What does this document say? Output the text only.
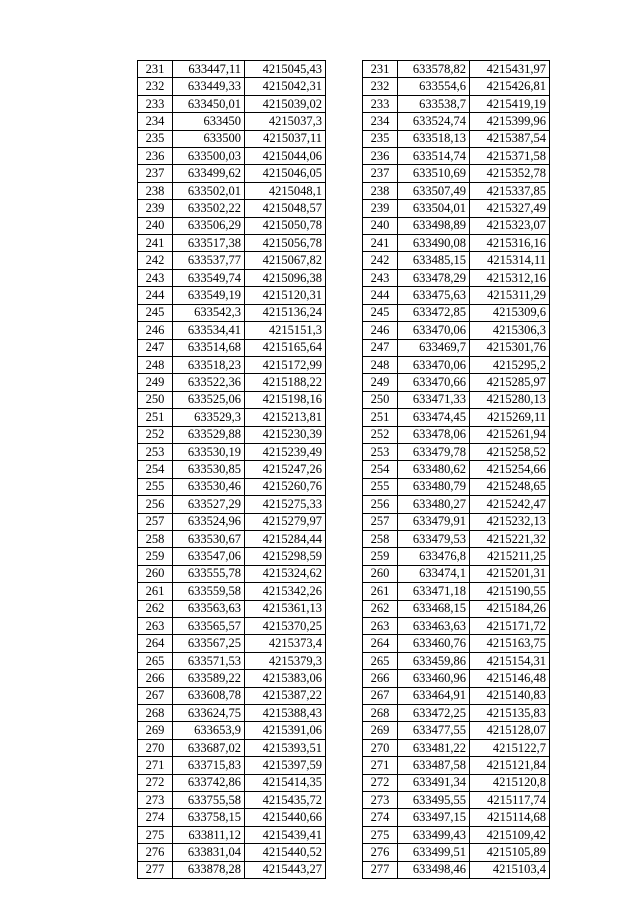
231	633447,11	4215045,43
232	633449,33	4215042,31
233	633450,01	4215039,02
234	633450	4215037,3
235	633500	4215037,11
236	633500,03	4215044,06
237	633499,62	4215046,05
238	633502,01	4215048,1
239	633502,22	4215048,57
240	633506,29	4215050,78
241	633517,38	4215056,78
242	633537,77	4215067,82
243	633549,74	4215096,38
244	633549,19	4215120,31
245	633542,3	4215136,24
246	633534,41	4215151,3
247	633514,68	4215165,64
248	633518,23	4215172,99
249	633522,36	4215188,22
250	633525,06	4215198,16
251	633529,3	4215213,81
252	633529,88	4215230,39
253	633530,19	4215239,49
254	633530,85	4215247,26
255	633530,46	4215260,76
256	633527,29	4215275,33
257	633524,96	4215279,97
258	633530,67	4215284,44
259	633547,06	4215298,59
260	633555,78	4215324,62
261	633559,58	4215342,26
262	633563,63	4215361,13
263	633565,57	4215370,25
264	633567,25	4215373,4
265	633571,53	4215379,3
266	633589,22	4215383,06
267	633608,78	4215387,22
268	633624,75	4215388,43
269	633653,9	4215391,06
270	633687,02	4215393,51
271	633715,83	4215397,59
272	633742,86	4215414,35
273	633755,58	4215435,72
274	633758,15	4215440,66
275	633811,12	4215439,41
276	633831,04	4215440,52
277	633878,28	4215443,27
231	633578,82	4215431,97
232	633554,6	4215426,81
233	633538,7	4215419,19
234	633524,74	4215399,96
235	633518,13	4215387,54
236	633514,74	4215371,58
237	633510,69	4215352,78
238	633507,49	4215337,85
239	633504,01	4215327,49
240	633498,89	4215323,07
241	633490,08	4215316,16
242	633485,15	4215314,11
243	633478,29	4215312,16
244	633475,63	4215311,29
245	633472,85	4215309,6
246	633470,06	4215306,3
247	633469,7	4215301,76
248	633470,06	4215295,2
249	633470,66	4215285,97
250	633471,33	4215280,13
251	633474,45	4215269,11
252	633478,06	4215261,94
253	633479,78	4215258,52
254	633480,62	4215254,66
255	633480,79	4215248,65
256	633480,27	4215242,47
257	633479,91	4215232,13
258	633479,53	4215221,32
259	633476,8	4215211,25
260	633474,1	4215201,31
261	633471,18	4215190,55
262	633468,15	4215184,26
263	633463,63	4215171,72
264	633460,76	4215163,75
265	633459,86	4215154,31
266	633460,96	4215146,48
267	633464,91	4215140,83
268	633472,25	4215135,83
269	633477,55	4215128,07
270	633481,22	4215122,7
271	633487,58	4215121,84
272	633491,34	4215120,8
273	633495,55	4215117,74
274	633497,15	4215114,68
275	633499,43	4215109,42
276	633499,51	4215105,89
277	633498,46	4215103,4
